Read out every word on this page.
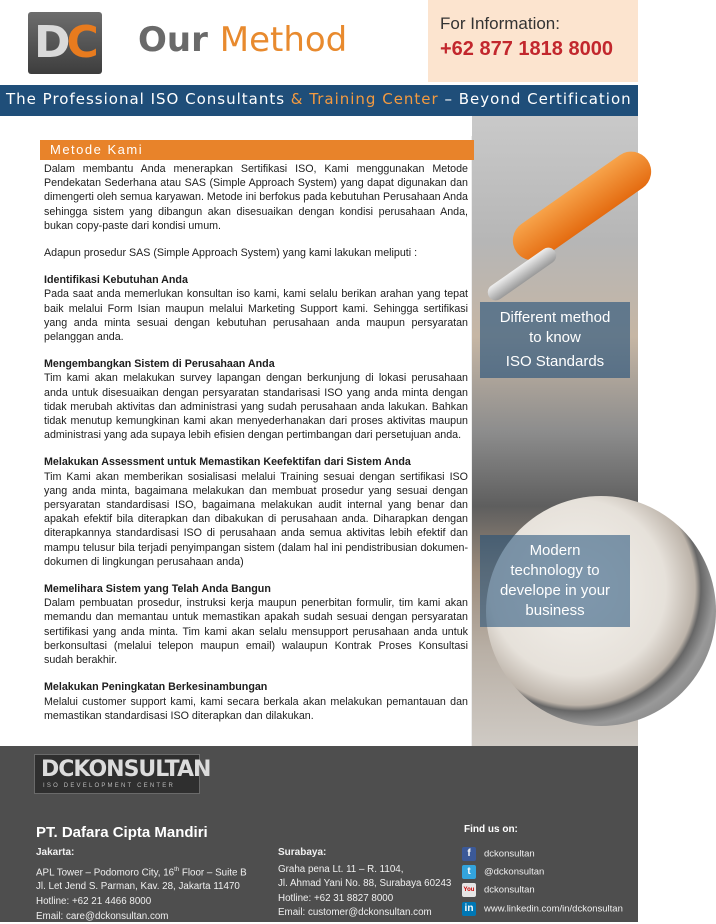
DC Our Method	For Information:
+62 877 1818 8000
The Professional ISO Consultants & Training Center – Beyond Certification
Different method
to know
ISO Standards
Modern
technology to
develope in your
business
Metode Kami

Dalam membantu Anda menerapkan Sertifikasi ISO, Kami menggunakan Metode Pendekatan Sederhana atau SAS (Simple Approach System) yang dapat digunakan dan dimengerti oleh semua karyawan. Metode ini berfokus pada kebutuhan Perusahaan Anda sehingga sistem yang dibangun akan disesuaikan dengan kondisi perusahaan Anda, bukan copy-paste dari kondisi umum.

Adapun prosedur SAS (Simple Approach System) yang kami lakukan meliputi :

Identifikasi Kebutuhan Anda

Pada saat anda memerlukan konsultan iso kami, kami selalu berikan arahan yang tepat baik melalui Form Isian maupun melalui Marketing Support kami. Sehingga sertifikasi yang anda minta sesuai dengan kebutuhan perusahaan anda maupun persyaratan pelanggan anda.

Mengembangkan Sistem di Perusahaan Anda

Tim kami akan melakukan survey lapangan dengan berkunjung di lokasi perusahaan anda untuk disesuaikan dengan persyaratan standarisasi ISO yang anda minta dengan tidak merubah aktivitas dan administrasi yang sudah perusahaan anda lakukan. Bahkan tidak menutup kemungkinan kami akan menyederhanakan dari proses aktivitas maupun administrasi yang ada supaya lebih efisien dengan pertimbangan dari persetujuan anda.

Melakukan Assessment untuk Memastikan Keefektifan dari Sistem Anda

Tim Kami akan memberikan sosialisasi melalui Training sesuai dengan sertifikasi ISO yang anda minta, bagaimana melakukan dan membuat prosedur yang sesuai dengan persyaratan standardisasi ISO, bagaimana melakukan audit internal yang benar dan apakah efektif bila diterapkan dan dibakukan di perusahaan anda. Diharapkan dengan diterapkannya standardisasi ISO di perusahaan anda semua aktivitas lebih efektif dan mampu telusur bila terjadi penyimpangan sistem (dalam hal ini pendistribusian dokumen-dokumen di lingkungan perusahaan anda)

Memelihara Sistem yang Telah Anda Bangun

Dalam pembuatan prosedur, instruksi kerja maupun penerbitan formulir, tim kami akan memandu dan memantau untuk memastikan apakah sudah sesuai dengan persyaratan sertifikasi yang anda minta. Tim kami akan selalu mensupport perusahaan anda untuk berkonsultasi (melalui telepon maupun email) walaupun Kontrak Proses Konsultasi sudah berakhir.

Melakukan Peningkatan Berkesinambungan

Melalui customer support kami, kami secara berkala akan melakukan pemantauan dan memastikan standardisasi ISO diterapkan dan dilakukan.

DCKONSULTAN
ISO DEVELOPMENT CENTER
PT. Dafara Cipta Mandiri
Jakarta:
APL Tower – Podomoro City, 16th Floor – Suite B
Jl. Let Jend S. Parman, Kav. 28, Jakarta 11470
Hotline: +62 21 4466 8000
Email: care@dckonsultan.com
Surabaya:
Graha pena Lt. 11 – R. 1104,
Jl. Ahmad Yani No. 88, Surabaya 60243
Hotline: +62 31 8827 8000
Email: customer@dckonsultan.com
Find us on:
f dckonsultan
t @dckonsultan
You dckonsultan
in www.linkedin.com/in/dckonsultan
